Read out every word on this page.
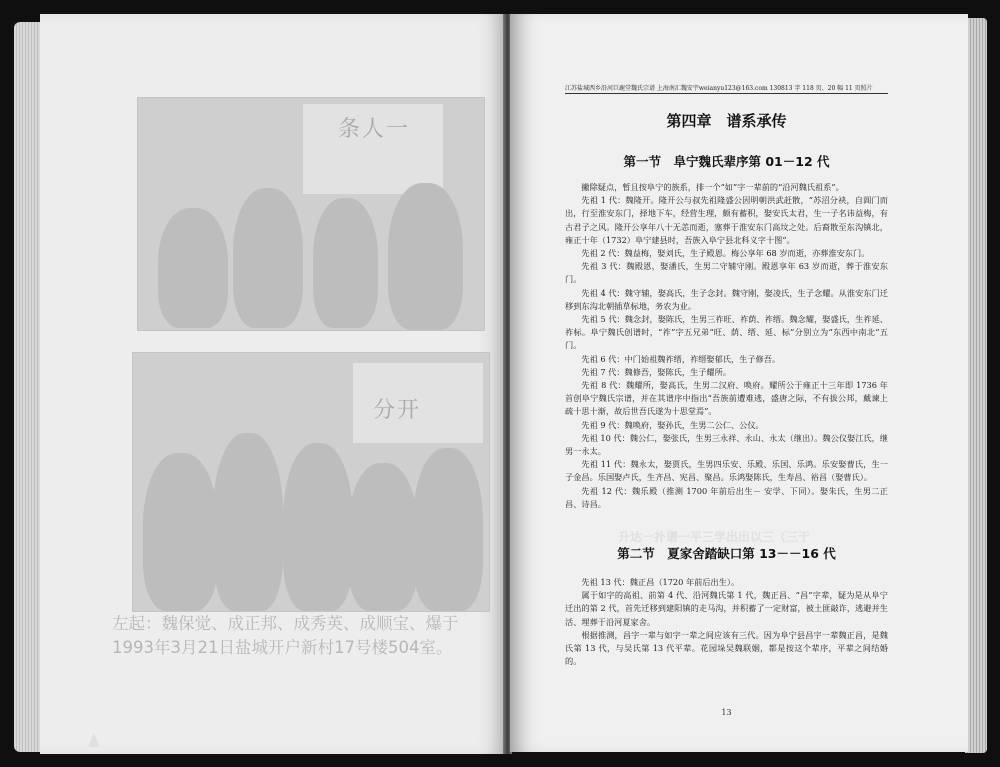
条人一
分开
左起：魏保觉、成正邦、成秀英、成顺宝、爆于
1993年3月21日盐城开户新村17号楼504室。
江苏盐城西乡沿河巨鹿堂魏氏宗谱 上海南汇魏安宇weianyu123@163.com 130813 字 118 页、20 幅 11 页照片
第四章　谱系承传
第一节　阜宁魏氏辈序第 01－12 代

撇除疑点，暂且按阜宁的族系，排一个“如”字一辈前的“沿河魏氏祖系”。

先祖 1 代：魏隆开。隆开公与叔先祖隆盛公因明朝洪武赶散，“苏沼分袂，自阊门而出，行至淮安东门，择地下车，经营生理，颇有蓄积，娶安氏太君，生一子名讳益梅，有古君子之风。隆开公享年八十无恙而逝，塞葬于淮安东门高坟之处。后裔散至东沟镇北，雍正十年（1732）阜宁建县时，吾族入阜宁县北科义字十图”。

先祖 2 代：魏益梅，娶刘氏，生子殿恩。梅公享年 68 岁而逝，亦葬淮安东门。

先祖 3 代：魏殿恩，娶潘氏，生男二守辅守刚。殿恩享年 63 岁而逝，葬于淮安东门。

先祖 4 代：魏守辅，娶高氏，生子念封。魏守刚，娶凌氏，生子念耀。从淮安东门迁移到东沟北朝插草标地，务农为业。

先祖 5 代：魏念封，娶陈氏，生男三祚旺、祚荫、祚缙。魏念耀，娶盛氏，生祚延、祚标。阜宁魏氏创谱时，“祚”字五兄弟“旺、荫、缙、延、标”分别立为“东西中南北”五门。

先祖 6 代：中门始祖魏祚缙，祚缙娶郁氏，生子修吾。

先祖 7 代：魏修吾，娶陈氏，生子耀所。

先祖 8 代：魏耀所，娶高氏，生男二汉府、唤府。耀所公于雍正十三年即 1736 年首创阜宁魏氏宗谱，并在其谱序中指出“吾族前遭难逃，盛唐之际，不有拔公邦，戴谏上疏十思十渐，故后世吾氏遂为十思堂焉”。

先祖 9 代：魏唤府，娶孙氏，生男二公仁、公仪。

先祖 10 代：魏公仁，娶张氏，生男三永祥、永山、永太（继出）。魏公仪娶江氏，继男一永太。

先祖 11 代：魏永太，娶贾氏，生男四乐安、乐殿、乐国、乐鸿。乐安娶曹氏，生一子金昌。乐国娶卢氏，生齐昌、宪昌、聚昌。乐鸿娶陈氏，生寿昌、裕昌（娶曹氏）。

先祖 12 代：魏乐殿（推测 1700 年前后出生－ 安学、下同）。娶朱氏，生男二正昌、诗昌。

升达一扑谱一平三学出出以三（三于
第二节　夏家舍踏缺口第 13－－16 代

先祖 13 代：魏正昌（1720 年前后出生）。

属于如字的高祖、前第 4 代、沿河魏氏第 1 代，魏正昌、“昌”字辈，疑为是从阜宁迁出的第 2 代，首先迁移到建阳镇的走马沟，并积蓄了一定财富，被土匪敲诈，逃避并生活、埋葬于沿河夏家舍。

根据推测，昌字一辈与如字一辈之间应该有三代。因为阜宁县昌字一辈魏正昌，是魏氏第 13 代，与吴氏第 13 代平辈。花园垛吴魏联姻，都是按这个辈序，平辈之间结婚的。

13
